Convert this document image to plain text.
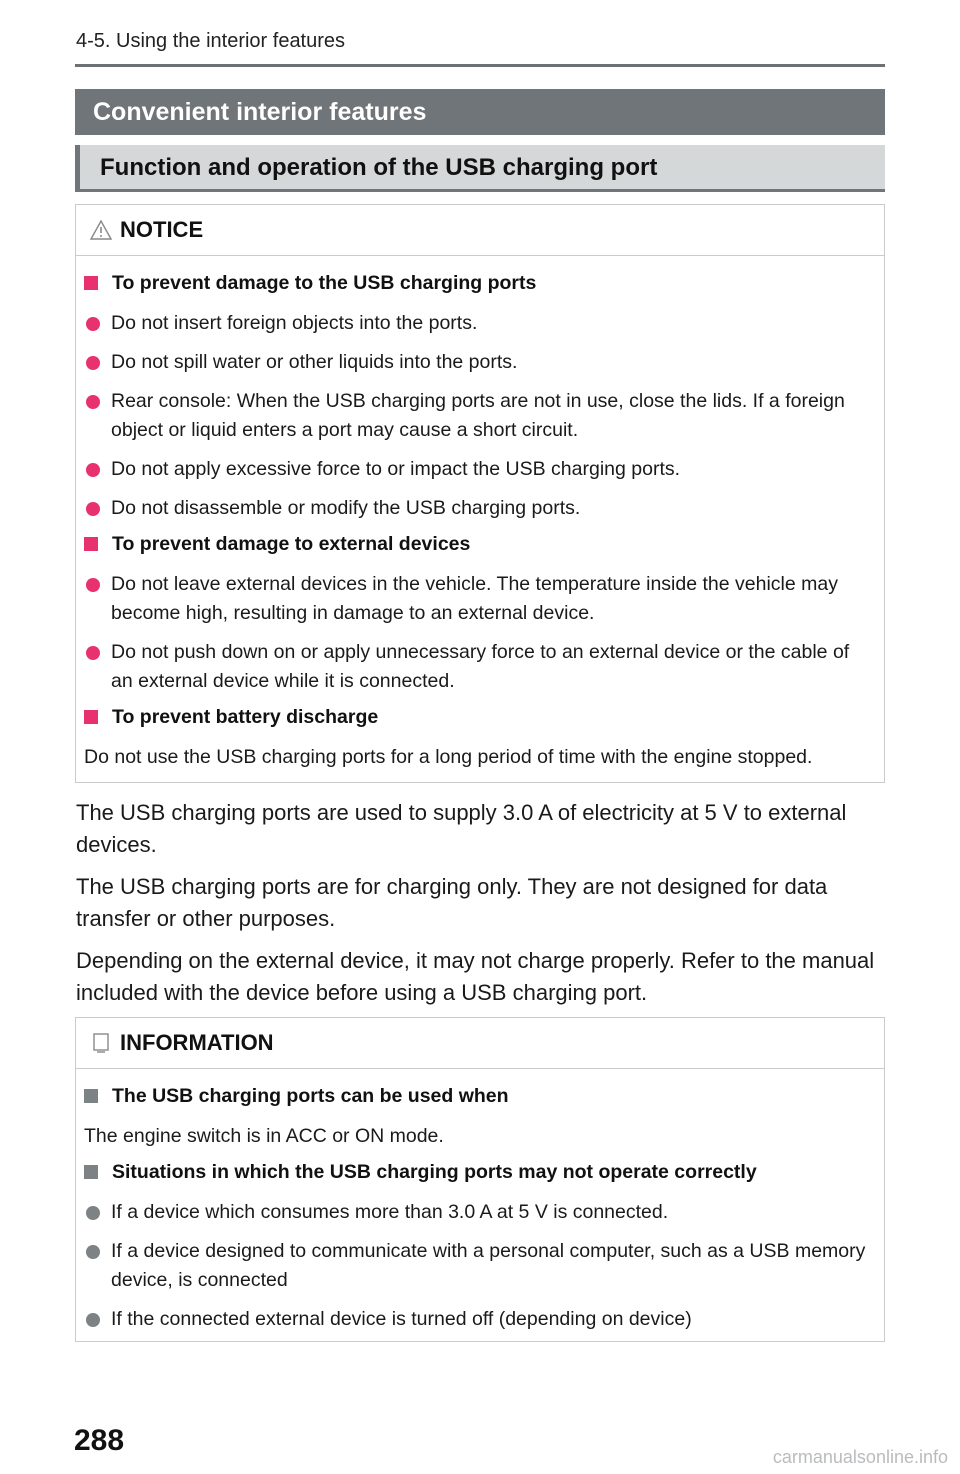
4-5. Using the interior features
Convenient interior features
Function and operation of the USB charging port
NOTICE
To prevent damage to the USB charging ports
Do not insert foreign objects into the ports.
Do not spill water or other liquids into the ports.
Rear console: When the USB charging ports are not in use, close the lids. If a foreign object or liquid enters a port may cause a short circuit.
Do not apply excessive force to or impact the USB charging ports.
Do not disassemble or modify the USB charging ports.
To prevent damage to external devices
Do not leave external devices in the vehicle. The temperature inside the vehicle may become high, resulting in damage to an external device.
Do not push down on or apply unnecessary force to an external device or the cable of an external device while it is connected.
To prevent battery discharge
Do not use the USB charging ports for a long period of time with the engine stopped.
The USB charging ports are used to supply 3.0 A of electricity at 5 V to external devices.
The USB charging ports are for charging only. They are not designed for data transfer or other purposes.
Depending on the external device, it may not charge properly. Refer to the manual included with the device before using a USB charging port.
INFORMATION
The USB charging ports can be used when
The engine switch is in ACC or ON mode.
Situations in which the USB charging ports may not operate correctly
If a device which consumes more than 3.0 A at 5 V is connected.
If a device designed to communicate with a personal computer, such as a USB memory device, is connected
If the connected external device is turned off (depending on device)
288	carmanualsonline.info
